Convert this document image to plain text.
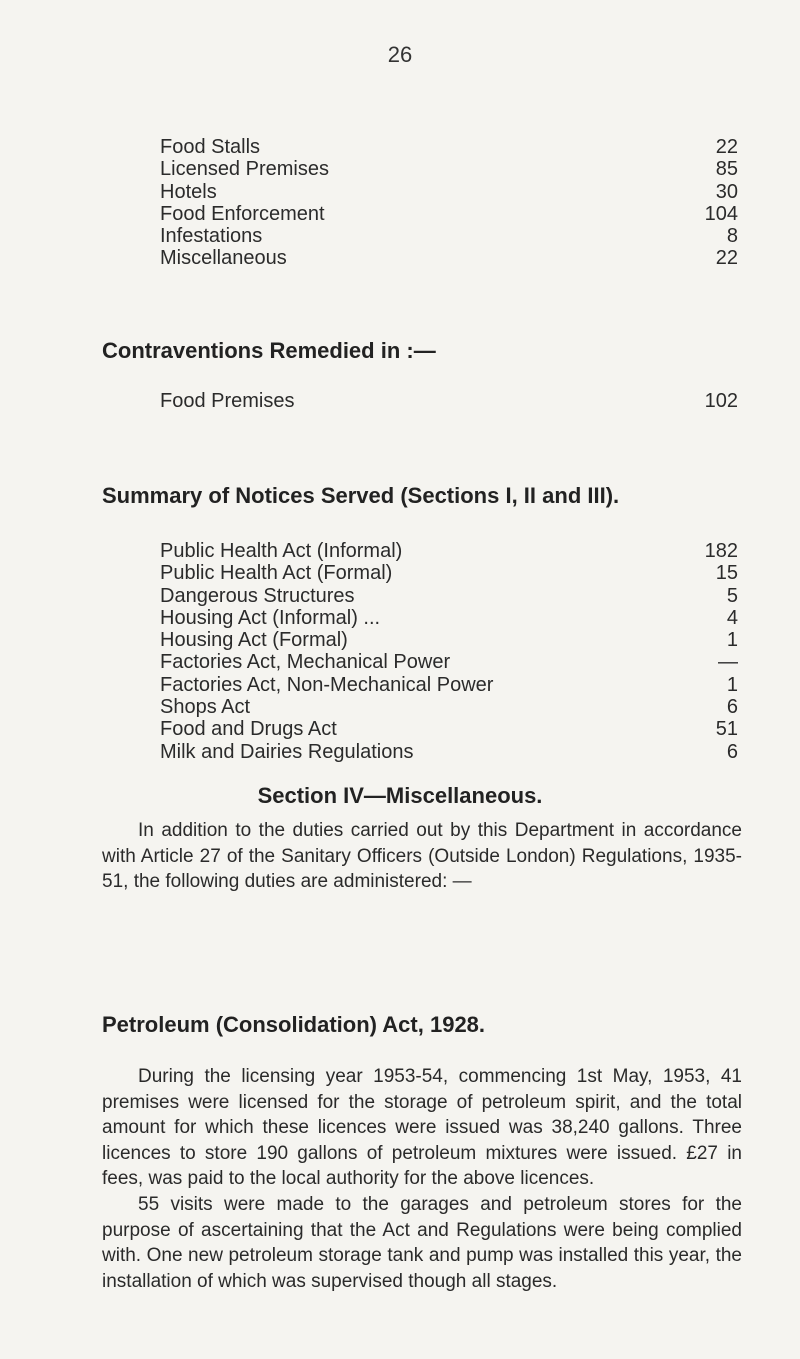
26
Food Stalls	22
Licensed Premises	85
Hotels	30
Food Enforcement	104
Infestations	8
Miscellaneous	22
Contraventions Remedied in :—
Food Premises	102
Summary of Notices Served (Sections I, II and III).
Public Health Act (Informal)	182
Public Health Act (Formal)	15
Dangerous Structures	5
Housing Act (Informal) ...	4
Housing Act (Formal)	1
Factories Act, Mechanical Power	—
Factories Act, Non-Mechanical Power	1
Shops Act	6
Food and Drugs Act	51
Milk and Dairies Regulations	6
Section IV—Miscellaneous.

In addition to the duties carried out by this Department in accordance with Article 27 of the Sanitary Officers (Outside London) Regulations, 1935-51, the following duties are administered: —

Petroleum (Consolidation) Act, 1928.

During the licensing year 1953-54, commencing 1st May, 1953, 41 premises were licensed for the storage of petroleum spirit, and the total amount for which these licences were issued was 38,240 gallons. Three licences to store 190 gallons of petroleum mixtures were issued. £27 in fees, was paid to the local authority for the above licences.

55 visits were made to the garages and petroleum stores for the purpose of ascertaining that the Act and Regulations were being complied with. One new petroleum storage tank and pump was installed this year, the installation of which was supervised though all stages.
